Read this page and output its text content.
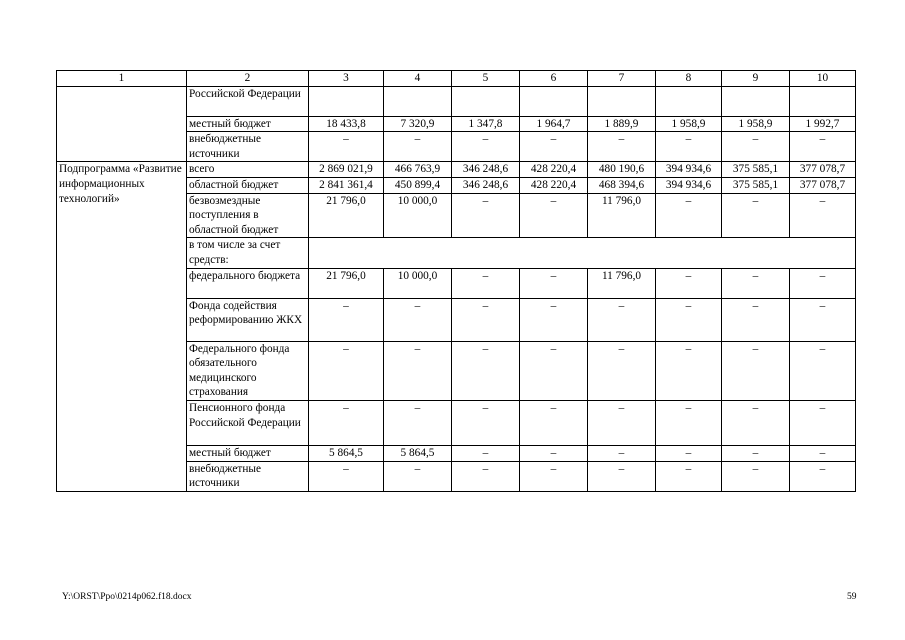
1	2	3	4	5	6	7	8	9	10
	Российской Федерации								
	местный бюджет	18 433,8	7 320,9	1 347,8	1 964,7	1 889,9	1 958,9	1 958,9	1 992,7
	внебюджетные источники	–	–	–	–	–	–	–	–
Подпрограмма «Развитие информационных технологий»	всего	2 869 021,9	466 763,9	346 248,6	428 220,4	480 190,6	394 934,6	375 585,1	377 078,7
	областной бюджет	2 841 361,4	450 899,4	346 248,6	428 220,4	468 394,6	394 934,6	375 585,1	377 078,7
	безвозмездные поступления в областной бюджет	21 796,0	10 000,0	–	–	11 796,0	–	–	–
	в том числе за счет средств:								
	федерального бюджета	21 796,0	10 000,0	–	–	11 796,0	–	–	–
	Фонда содействия реформированию ЖКХ	–	–	–	–	–	–	–	–
	Федерального фонда обязательного медицинского страхования	–	–	–	–	–	–	–	–
	Пенсионного фонда Российской Федерации	–	–	–	–	–	–	–	–
	местный бюджет	5 864,5	5 864,5	–	–	–	–	–	–
	внебюджетные источники	–	–	–	–	–	–	–	–
Y:\ORST\Ppo\0214p062.f18.docx	59
